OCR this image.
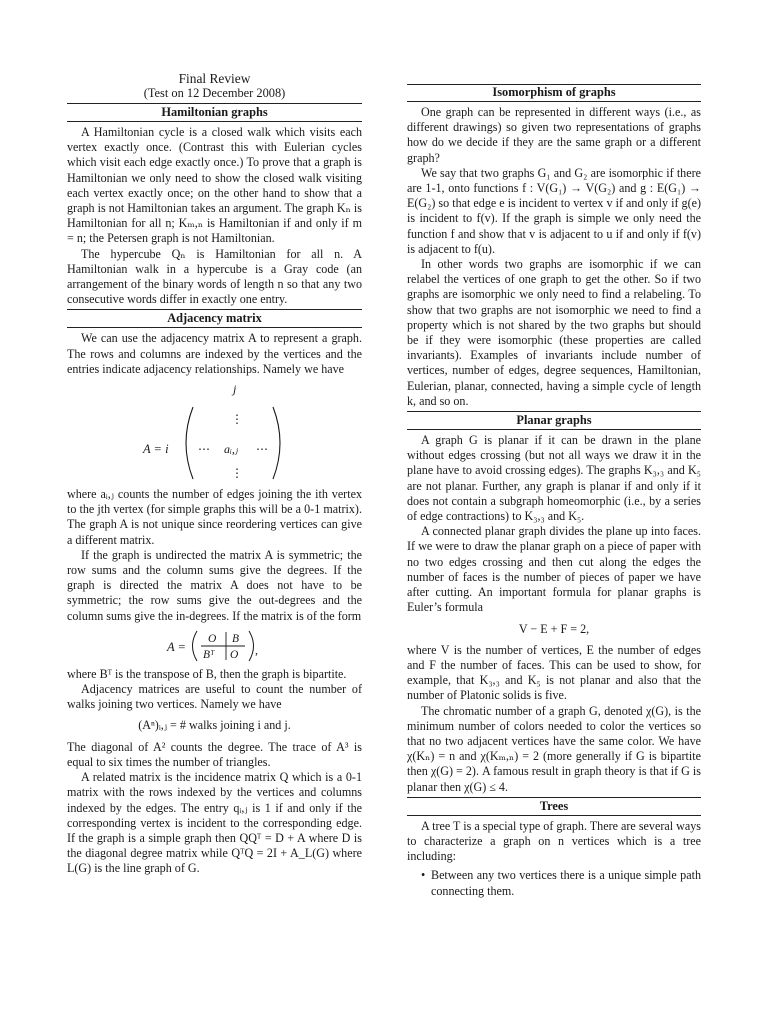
Final Review
(Test on 12 December 2008)
Hamiltonian graphs

A Hamiltonian cycle is a closed walk which visits each vertex exactly once. (Contrast this with Eulerian cycles which visit each edge exactly once.) To prove that a graph is Hamiltonian we only need to show the closed walk visiting each vertex exactly once; on the other hand to show that a graph is not Hamiltonian takes an argument. The graph Kₙ is Hamiltonian for all n; Kₘ,ₙ is Hamiltonian if and only if m = n; the Petersen graph is not Hamiltonian.

The hypercube Qₙ is Hamiltonian for all n. A Hamiltonian walk in a hypercube is a Gray code (an arrangement of the binary words of length n so that any two consecutive words differ in exactly one entry.

Adjacency matrix

We can use the adjacency matrix A to represent a graph. The rows and columns are indexed by the vertices and the entries indicate adjacency relationships. Namely we have

j
A = i
⋮
⋯ aᵢ,ⱼ ⋯
⋮

where aᵢ,ⱼ counts the number of edges joining the ith vertex to the jth vertex (for simple graphs this will be a 0-1 matrix). The graph A is not unique since reordering vertices can give a different matrix.

If the graph is undirected the matrix A is symmetric; the row sums and the column sums give the degrees. If the graph is directed the matrix A does not have to be symmetric; the row sums give the out-degrees and the column sums give the in-degrees. If the matrix is of the form

A =
O B
Bᵀ O ,

where Bᵀ is the transpose of B, then the graph is bipartite.

Adjacency matrices are useful to count the number of walks joining two vertices. Namely we have

(Aⁿ)ᵢ,ⱼ = # walks joining i and j.

The diagonal of A² counts the degree. The trace of A³ is equal to six times the number of triangles.

A related matrix is the incidence matrix Q which is a 0-1 matrix with the rows indexed by the vertices and columns indexed by the edges. The entry qᵢ,ⱼ is 1 if and only if the corresponding vertex is incident to the corresponding edge. If the graph is a simple graph then QQᵀ = D + A where D is the diagonal degree matrix while QᵀQ = 2I + A_L(G) where L(G) is the line graph of G.

Isomorphism of graphs

One graph can be represented in different ways (i.e., as different drawings) so given two representations of graphs how do we decide if they are the same graph or a different graph?

We say that two graphs G₁ and G₂ are isomorphic if there are 1-1, onto functions f : V(G₁) → V(G₂) and g : E(G₁) → E(G₂) so that edge e is incident to vertex v if and only if g(e) is incident to f(v). If the graph is simple we only need the function f and show that v is adjacent to u if and only if f(v) is adjacent to f(u).

In other words two graphs are isomorphic if we can relabel the vertices of one graph to get the other. So if two graphs are isomorphic we only need to find a relabeling. To show that two graphs are not isomorphic we need to find a property which is not shared by the two graphs but should be if they were isomorphic (these properties are called invariants). Examples of invariants include number of vertices, number of edges, degree sequences, Hamiltonian, Eulerian, planar, connected, having a simple cycle of length k, and so on.

Planar graphs

A graph G is planar if it can be drawn in the plane without edges crossing (but not all ways we draw it in the plane have to avoid crossing edges). The graphs K₃,₃ and K₅ are not planar. Further, any graph is planar if and only if it does not contain a subgraph homeomorphic (i.e., by a series of edge contractions) to K₃,₃ and K₅.

A connected planar graph divides the plane up into faces. If we were to draw the planar graph on a piece of paper with no two edges crossing and then cut along the edges the number of faces is the number of pieces of paper we have after cutting. An important formula for planar graphs is Euler’s formula

V − E + F = 2,

where V is the number of vertices, E the number of edges and F the number of faces. This can be used to show, for example, that K₃,₃ and K₅ is not planar and also that the number of Platonic solids is five.

The chromatic number of a graph G, denoted χ(G), is the minimum number of colors needed to color the vertices so that no two adjacent vertices have the same color. We have χ(Kₙ) = n and χ(Kₘ,ₙ) = 2 (more generally if G is bipartite then χ(G) = 2). A famous result in graph theory is that if G is planar then χ(G) ≤ 4.

Trees

A tree T is a special type of graph. There are several ways to characterize a graph on n vertices which is a tree including:

• Between any two vertices there is a unique simple path connecting them.
